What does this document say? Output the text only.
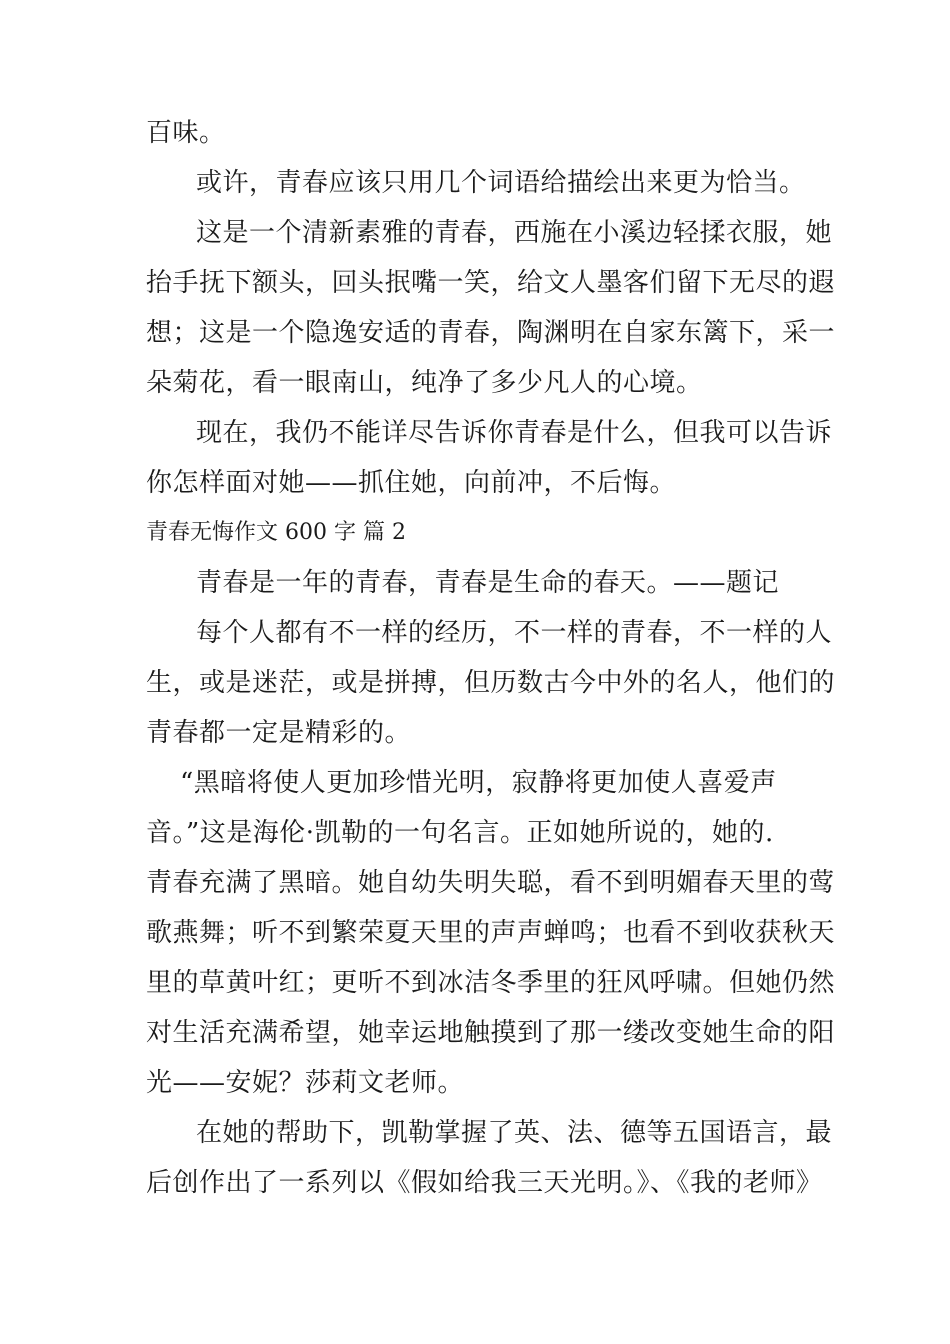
百味。
或许，青春应该只用几个词语给描绘出来更为恰当。
这是一个清新素雅的青春，西施在小溪边轻揉衣服，她
抬手抚下额头，回头抿嘴一笑，给文人墨客们留下无尽的遐
想；这是一个隐逸安适的青春，陶渊明在自家东篱下，采一
朵菊花，看一眼南山，纯净了多少凡人的心境。
现在，我仍不能详尽告诉你青春是什么，但我可以告诉
你怎样面对她——抓住她，向前冲，不后悔。
青春无悔作文 600 字 篇 2
青春是一年的青春，青春是生命的春天。——题记
每个人都有不一样的经历，不一样的青春，不一样的人
生，或是迷茫，或是拼搏，但历数古今中外的名人，他们的
青春都一定是精彩的。
“黑暗将使人更加珍惜光明，寂静将更加使人喜爱声
音。”这是海伦·凯勒的一句名言。正如她所说的，她的.
青春充满了黑暗。她自幼失明失聪，看不到明媚春天里的莺
歌燕舞；听不到繁荣夏天里的声声蝉鸣；也看不到收获秋天
里的草黄叶红；更听不到冰洁冬季里的狂风呼啸。但她仍然
对生活充满希望，她幸运地触摸到了那一缕改变她生命的阳
光——安妮？莎莉文老师。
在她的帮助下，凯勒掌握了英、法、德等五国语言，最
后创作出了一系列以《假如给我三天光明。》、《我的老师》
